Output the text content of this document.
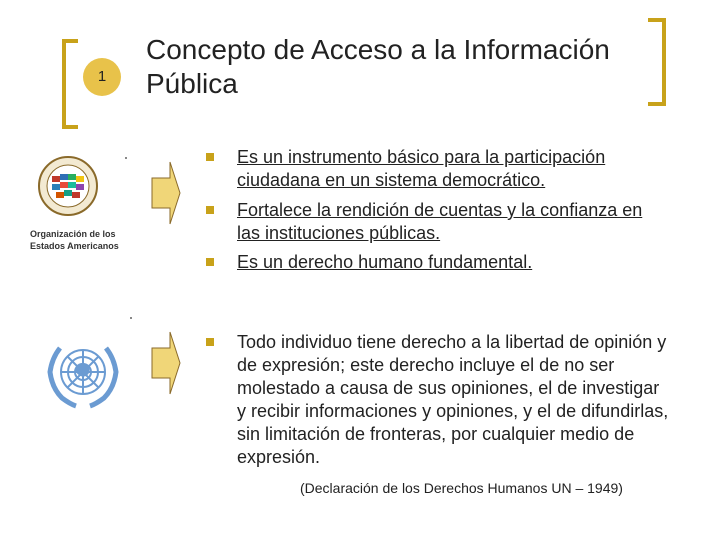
1
Concepto de Acceso a la Información Pública
Organización de los
Estados Americanos
Es un instrumento básico para la participación ciudadana en un sistema democrático.
Fortalece la rendición de cuentas y la confianza en las instituciones públicas.
Es un derecho humano fundamental.
Todo individuo tiene derecho a la libertad de opinión y de expresión; este derecho incluye el de no ser molestado a causa de sus opiniones, el de investigar y recibir informaciones y opiniones, y el de difundirlas, sin limitación de fronteras, por cualquier medio de expresión.
(Declaración de los Derechos Humanos UN – 1949)
